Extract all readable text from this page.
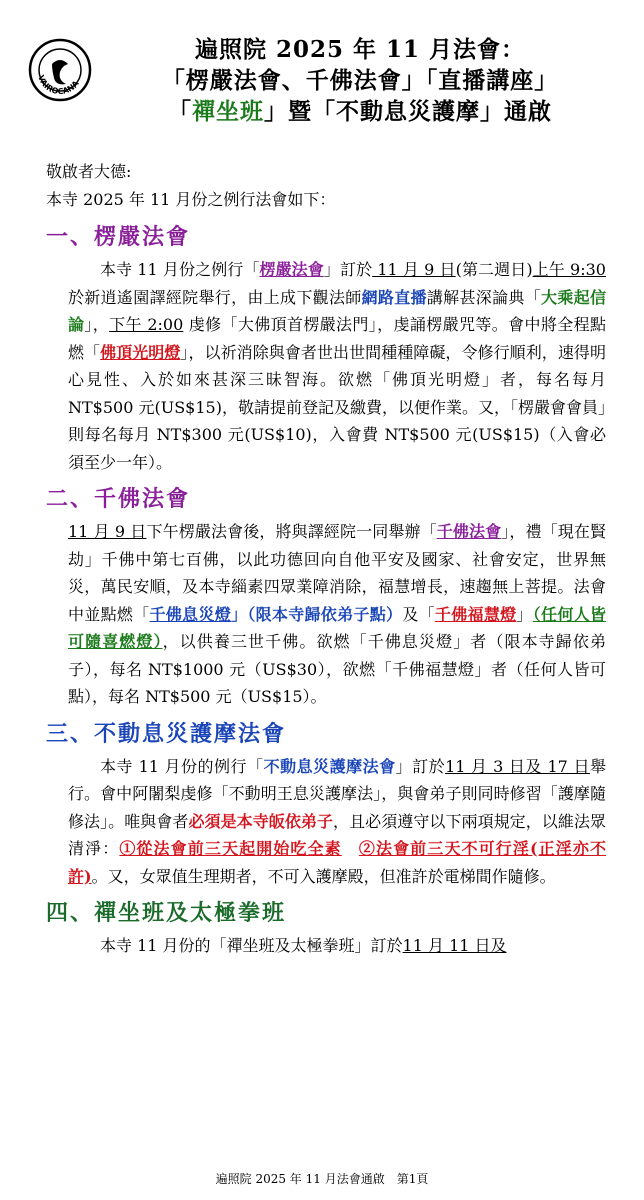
VAIROCANA
遍照院 2025 年 11 月法會：
「楞嚴法會、千佛法會」「直播講座」
「禪坐班」暨「不動息災護摩」通啟
敬啟者大德:
本寺 2025 年 11 月份之例行法會如下：
一、楞嚴法會
本寺 11 月份之例行「楞嚴法會」訂於 11 月 9 日(第二週日)上午 9:30 於新逍遙園譯經院舉行，由上成下觀法師網路直播講解甚深論典「大乘起信論」，下午 2:00 虔修「大佛頂首楞嚴法門」，虔誦楞嚴咒等。會中將全程點燃「佛頂光明燈」，以祈消除與會者世出世間種種障礙，令修行順利，速得明心見性、入於如來甚深三昧智海。欲燃「佛頂光明燈」者，每名每月 NT$500 元(US$15)，敬請提前登記及繳費，以便作業。又，「楞嚴會會員」則每名每月 NT$300 元(US$10)，入會費 NT$500 元(US$15)（入會必須至少一年）。
二、千佛法會
11 月 9 日下午楞嚴法會後，將與譯經院一同舉辦「千佛法會」，禮「現在賢劫」千佛中第七百佛，以此功德回向自他平安及國家、社會安定，世界無災，萬民安順，及本寺緇素四眾業障消除，福慧增長，速趨無上菩提。法會中並點燃「千佛息災燈」（限本寺歸依弟子點）及「千佛福慧燈」（任何人皆可隨喜燃燈），以供養三世千佛。欲燃「千佛息災燈」者（限本寺歸依弟子），每名 NT$1000 元（US$30），欲燃「千佛福慧燈」者（任何人皆可點），每名 NT$500 元（US$15）。
三、不動息災護摩法會
本寺 11 月份的例行「不動息災護摩法會」訂於11 月 3 日及 17 日舉行。會中阿闍梨虔修「不動明王息災護摩法」，與會弟子則同時修習「護摩隨修法」。唯與會者必須是本寺皈依弟子，且必須遵守以下兩項規定，以維法眾清淨：①從法會前三天起開始吃全素　 ②法會前三天不可行淫(正淫亦不許)。又，女眾值生理期者，不可入護摩殿，但准許於電梯間作隨修。
四、禪坐班及太極拳班
本寺 11 月份的「禪坐班及太極拳班」訂於11 月 11 日及
遍照院 2025 年 11 月法會通啟　第1頁
